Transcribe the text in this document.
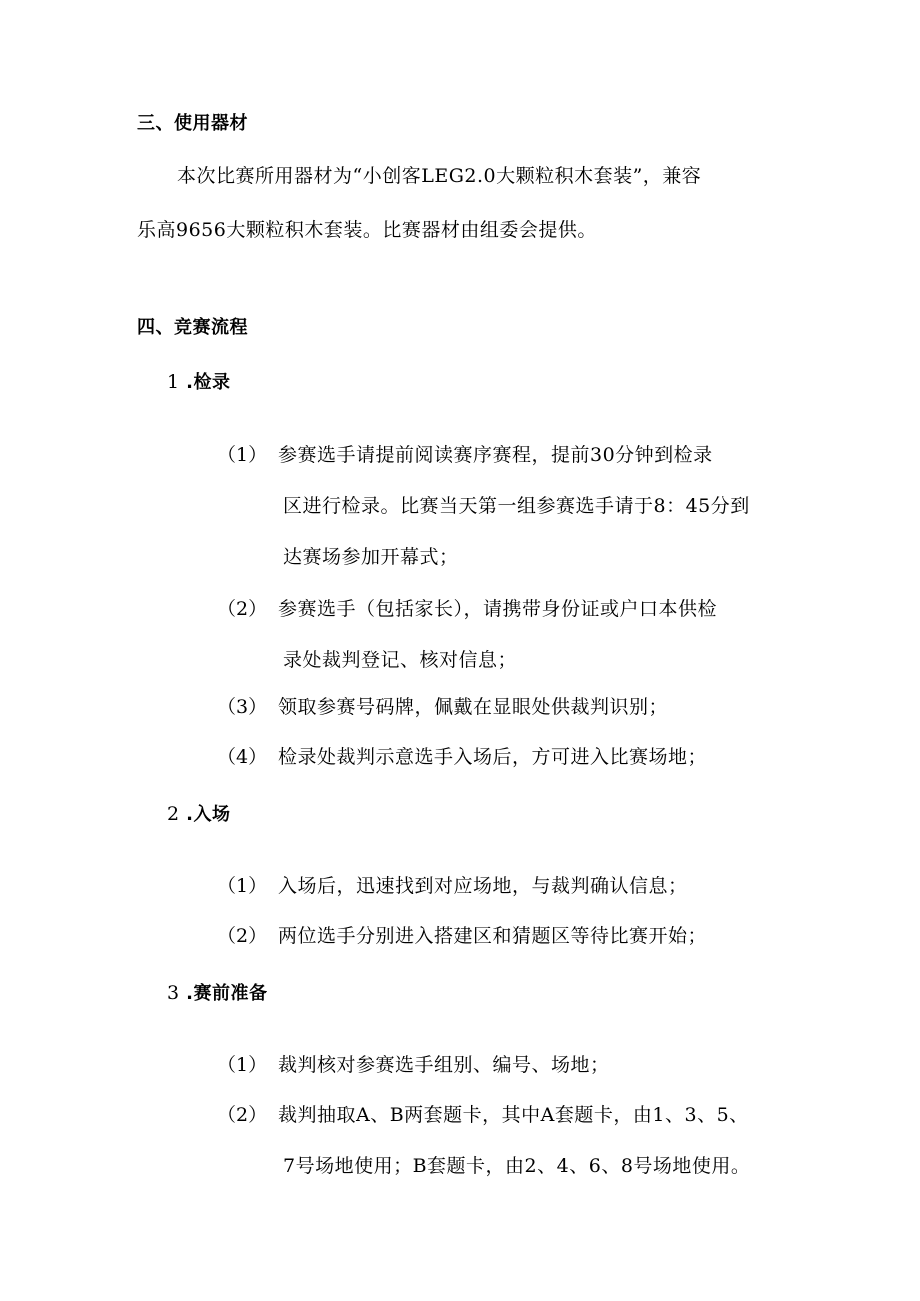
三、使用器材
本次比赛所用器材为“小创客LEG2.0大颗粒积木套装”，兼容
乐高9656大颗粒积木套装。比赛器材由组委会提供。
四、竞赛流程
1 .检录
（1） 参赛选手请提前阅读赛序赛程，提前30分钟到检录
区进行检录。比赛当天第一组参赛选手请于8：45分到
达赛场参加开幕式；
（2） 参赛选手（包括家长），请携带身份证或户口本供检
录处裁判登记、核对信息；
（3） 领取参赛号码牌，佩戴在显眼处供裁判识别；
（4） 检录处裁判示意选手入场后，方可进入比赛场地；
2 .入场
（1） 入场后，迅速找到对应场地，与裁判确认信息；
（2） 两位选手分别进入搭建区和猜题区等待比赛开始；
3 .赛前准备
（1） 裁判核对参赛选手组别、编号、场地；
（2） 裁判抽取A、B两套题卡，其中A套题卡，由1、3、5、
7号场地使用；B套题卡，由2、4、6、8号场地使用。
